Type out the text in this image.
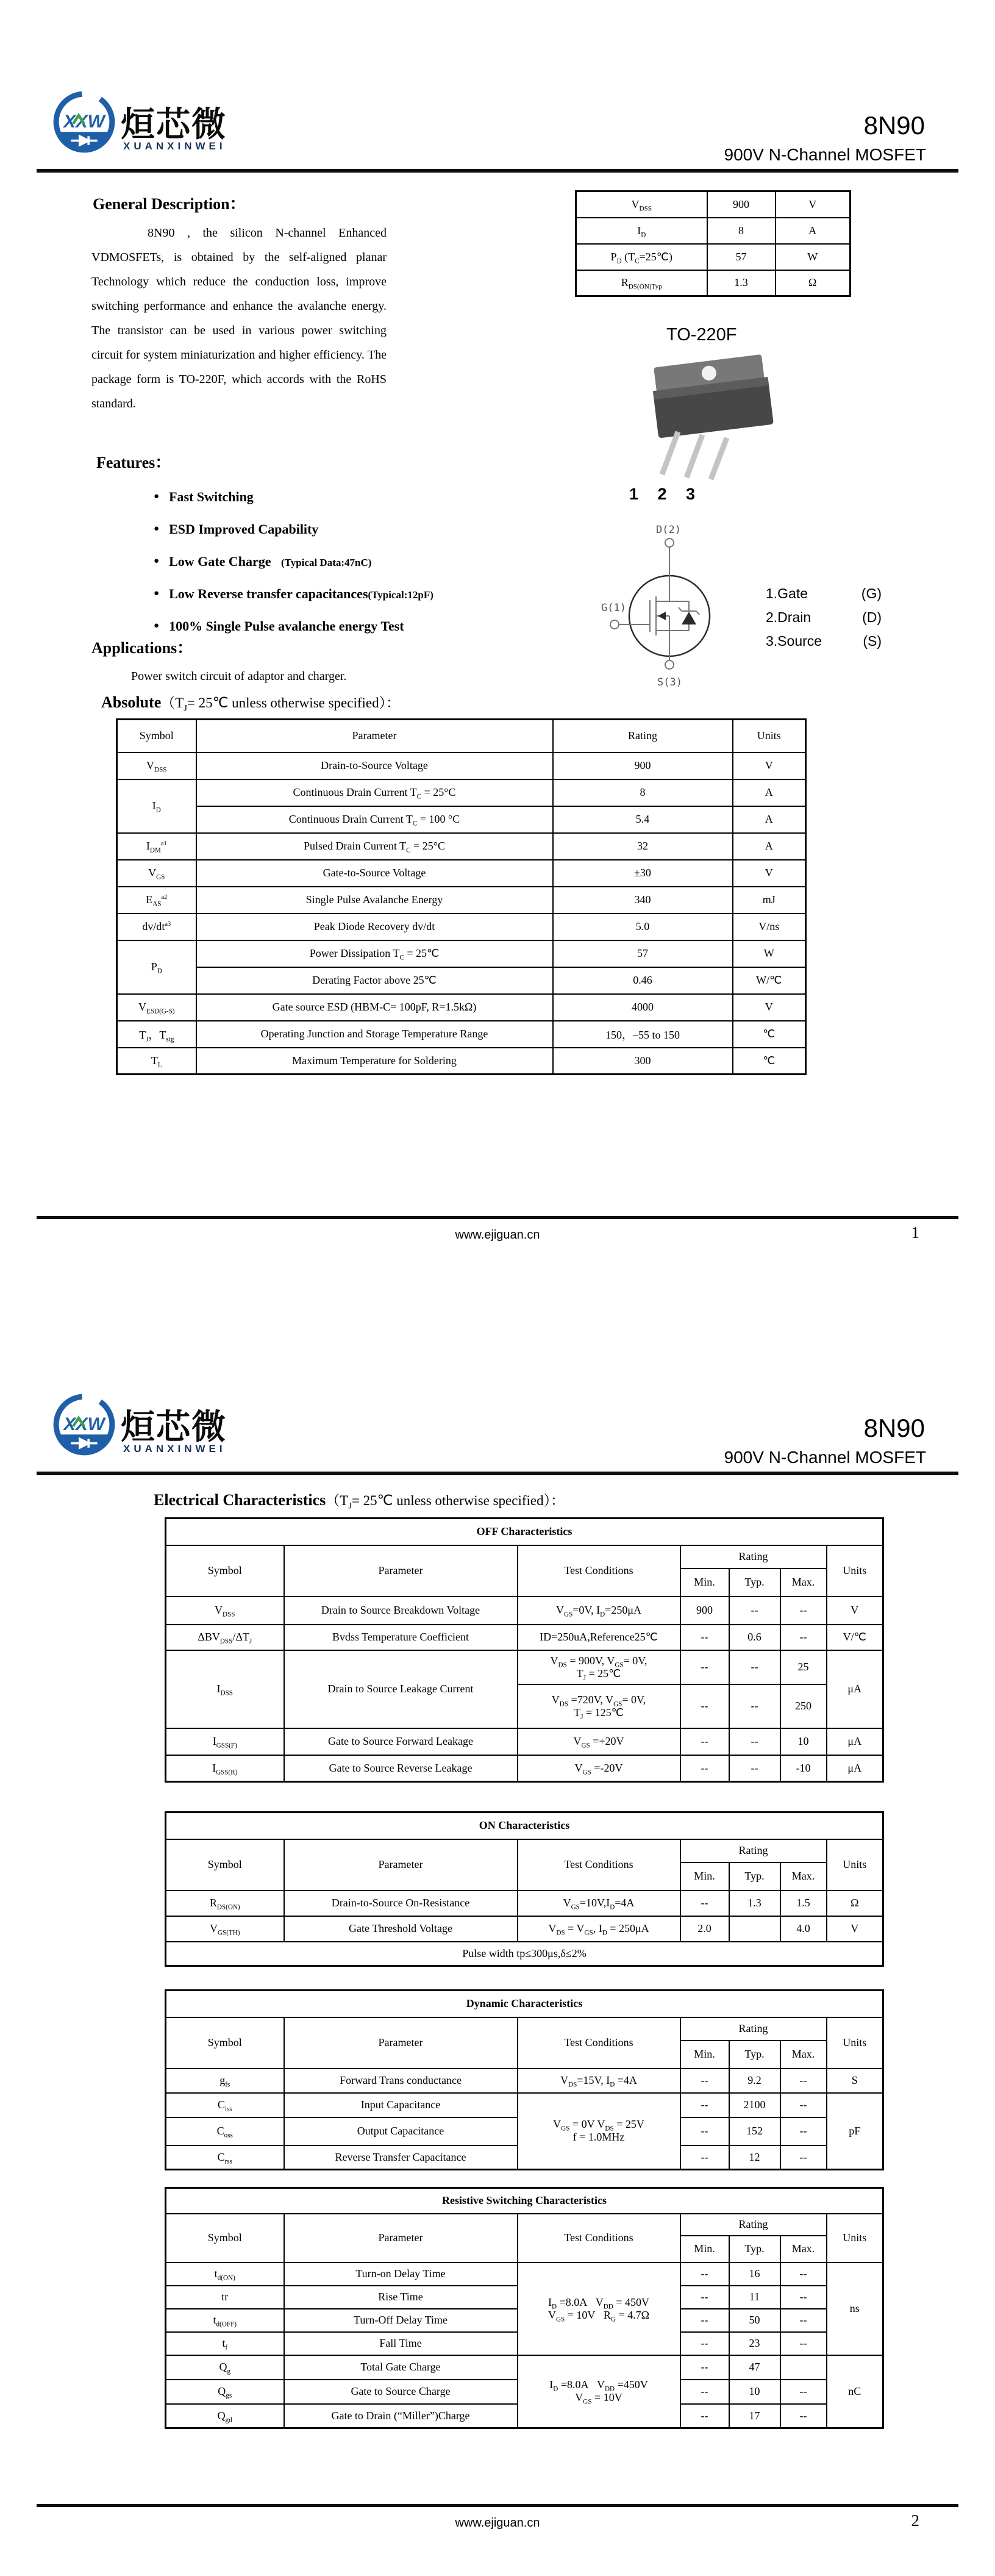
XXW 烜芯微
XUANXINWEI
8N90
900V N-Channel MOSFET
$V_{DSS}$	900	V
$I_D$	8	A
$P_D$ $(T_C=25℃)$	57	W
$R_{DS(ON)Typ}$	1.3	Ω
General Description：
8N90 , the silicon N-channel Enhanced VDMOSFETs, is obtained by the self-aligned planar Technology which reduce the conduction loss, improve switching performance and enhance the avalanche energy. The transistor can be used in various power switching circuit for system miniaturization and higher efficiency. The package form is TO-220F, which accords with the RoHS standard.
Features：
● Fast Switching
● ESD Improved Capability
● Low Gate Charge   (Typical Data:47nC)
● Low Reverse transfer capacitances(Typical:12pF)
● 100% Single Pulse avalanche energy Test
Applications：
Power switch circuit of adaptor and charger.
TO-220F
1 2 3
D(2)
G(1)
S(3)
1.Gate	(G)
2.Drain	(D)
3.Source	(S)
$Absolute(T_J=$ 25℃ unless otherwise specified）：
Symbol	Parameter	Rating	Units
$V_{DSS}$	Drain-to-Source Voltage	900	V
$I_D$	Continuous Drain Current $T_C = 25^\circ C$	8	A
	Continuous Drain Current $T_C = 100$ °C	5.4	A
$I_{DM}^{a1}$	Pulsed Drain Current $T_C = 25^\circ C$	32	A
$V_{GS}$	Gate-to-Source Voltage	±30	V
$E_{AS}^{a2}$	Single Pulse Avalanche Energy	340	mJ
$dv/dt^{a3}$	Peak Diode Recovery dv/dt	5.0	V/ns
$P_D$	Power Dissipation $T_C$ = 25℃	57	W
	Derating Factor above 25℃	0.46	W/℃
$V_{ESD(G-S)}$	Gate source ESD (HBM-C= 100pF, R=1.5kΩ)	4000	V
$T_J$，$T_{stg}$	Operating Junction and Storage Temperature Range	150，–55 to 150	℃
$T_L$	Maximum Temperature for Soldering	300	℃
www.ejiguan.cn	1
XXW 烜芯微
XUANXINWEI
8N90
900V N-Channel MOSFET
Electrical $Characteristics(T_J=$ 25℃ unless otherwise specified）：
OFF Characteristics						
Symbol	Parameter	Test Conditions	Rating			Units
			Min.	Typ.	Max.	
$V_{DSS}$	Drain to Source Breakdown Voltage	$V_{GS}=0V$, $I_D=250\mu A$	900	--	--	V
$\Delta BV_{DSS}/\Delta T_J$	Bvdss Temperature Coefficient	ID=250uA,Reference25℃	--	0.6	--	V/℃
$I_{DSS}$	Drain to Source Leakage Current	$V_{DS} = 900V$, $V_{GS}= 0V$,
$T_J$ = 25℃	--	--	25	μA
		$V_{DS} =720V$, $V_{GS}= 0V$,
$T_J$ = 125℃	--	--	250	
$I_{GSS(F)}$	Gate to Source Forward Leakage	$V_{GS} =+20V$	--	--	10	μA
$I_{GSS(R)}$	Gate to Source Reverse Leakage	$V_{GS} =-20V$	--	--	-10	μA
ON Characteristics						
Symbol	Parameter	Test Conditions	Rating			Units
			Min.	Typ.	Max.	
$R_{DS(ON)}$	Drain-to-Source On-Resistance	$V_{GS}=10V,I_D=4A$	--	1.3	1.5	Ω
$V_{GS(TH)}$	Gate Threshold Voltage	$V_{DS} = V_{GS}$, $I_D = 250\mu A$	2.0		4.0	V
Pulse width tp≤300μs,δ≤2%						
Dynamic Characteristics						
Symbol	Parameter	Test Conditions	Rating			Units
			Min.	Typ.	Max.	
$g_{fs}$	Forward Trans conductance	$V_{DS}=15V$, $I_D =4A$	--	9.2	--	S
$C_{iss}$	Input Capacitance	$V_{GS} = 0V$ $V_{DS} = 25V$
f = 1.0MHz	--	2100	--	pF
$C_{oss}$	Output Capacitance		--	152	--	
$C_{rss}$	Reverse Transfer Capacitance		--	12	--	
Resistive Switching Characteristics						
Symbol	Parameter	Test Conditions	Rating			Units
			Min.	Typ.	Max.	
$t_{d(ON)}$	Turn-on Delay Time	$I_D =8.0A$   $V_{DD} = 450V$
$V_{GS} = 10V$   $R_G = 4.7\Omega$	--	16	--	ns
tr	Rise Time		--	11	--	
$t_{d(OFF)}$	Turn-Off Delay Time		--	50	--	
$t_f$	Fall Time		--	23	--	
$Q_g$	Total Gate Charge	$I_D =8.0A$   $V_{DD} =450V$
$V_{GS} = 10V$	--	47		nC
$Q_{gs}$	Gate to Source Charge		--	10	--	
$Q_{gd}$	Gate to Drain (“Miller”)Charge		--	17	--	
www.ejiguan.cn	2
